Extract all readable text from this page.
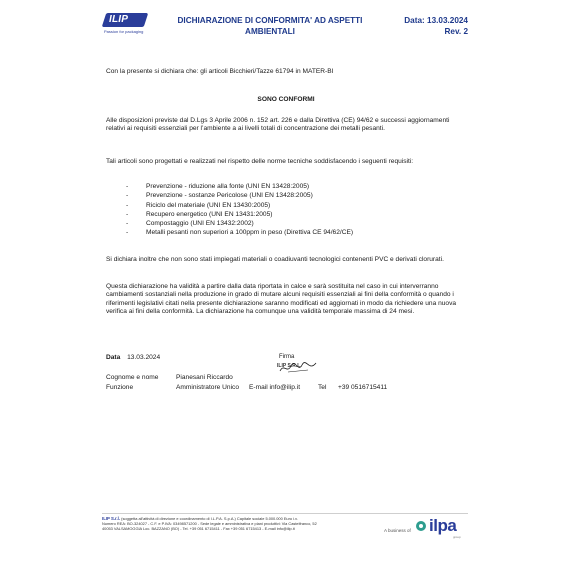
ILIP
Passion for packaging
DICHIARAZIONE DI CONFORMITA' AD ASPETTI AMBIENTALI
Data: 13.03.2024
Rev. 2
Con la presente si dichiara che: gli articoli Bicchieri/Tazze 61794 in MATER-BI
SONO CONFORMI
Alle disposizioni previste dal D.Lgs 3 Aprile 2006 n. 152 art. 226 e dalla Direttiva (CE) 94/62 e successi aggiornamenti relativi ai requisiti essenziali per l’ambiente a ai livelli totali di concentrazione dei metalli pesanti.
Tali articoli sono progettati e realizzati nel rispetto delle norme tecniche soddisfacendo i seguenti requisiti:
-	Prevenzione - riduzione alla fonte (UNI EN 13428:2005)
-	Prevenzione - sostanze Pericolose (UNI EN 13428:2005)
-	Riciclo del materiale (UNI EN 13430:2005)
-	Recupero energetico (UNI EN 13431:2005)
-	Compostaggio (UNI EN 13432:2002)
-	Metalli pesanti non superiori a 100ppm in peso (Direttiva CE 94/62/CE)
Si dichiara inoltre che non sono stati impiegati materiali o coadiuvanti tecnologici contenenti PVC e derivati clorurati.
Questa dichiarazione ha validità a partire dalla data riportata in calce e sarà sostituita nel caso in cui interverranno cambiamenti sostanziali nella produzione in grado di mutare alcuni requisiti essenziali ai fini della conformità o quando i riferimenti legislativi citati nella presente dichiarazione saranno modificati ed aggiornati in modo da richiedere una nuova verifica ai fini della conformità. La dichiarazione ha comunque una validità temporale massima di 24 mesi.
Data 13.03.2024	Firma
ILIP S.R.L.
Cognome e nome	Pianesani Riccardo
Funzione	Amministratore Unico E-mail info@ilip.it	Tel +39 0516715411
ILIP S.r.l. (soggetta all'attività di direzione e coordinamento di I.L.P.A. S.p.A.) Capitale sociale 5.000.000 Euro i.v.
Numero REA: BO-324027 - C.F. e P.IVA: 03498571200 - Sede legale e amministrativa e piani produttivi: Via Castelfranco, 52
40053 VALSAMOGGIA Loc. BAZZANO (BO) - Tel. +39 051 6715411 - Fax +39 051 6715413 - E-mail info@ilip.it	A business of ilpa
group
